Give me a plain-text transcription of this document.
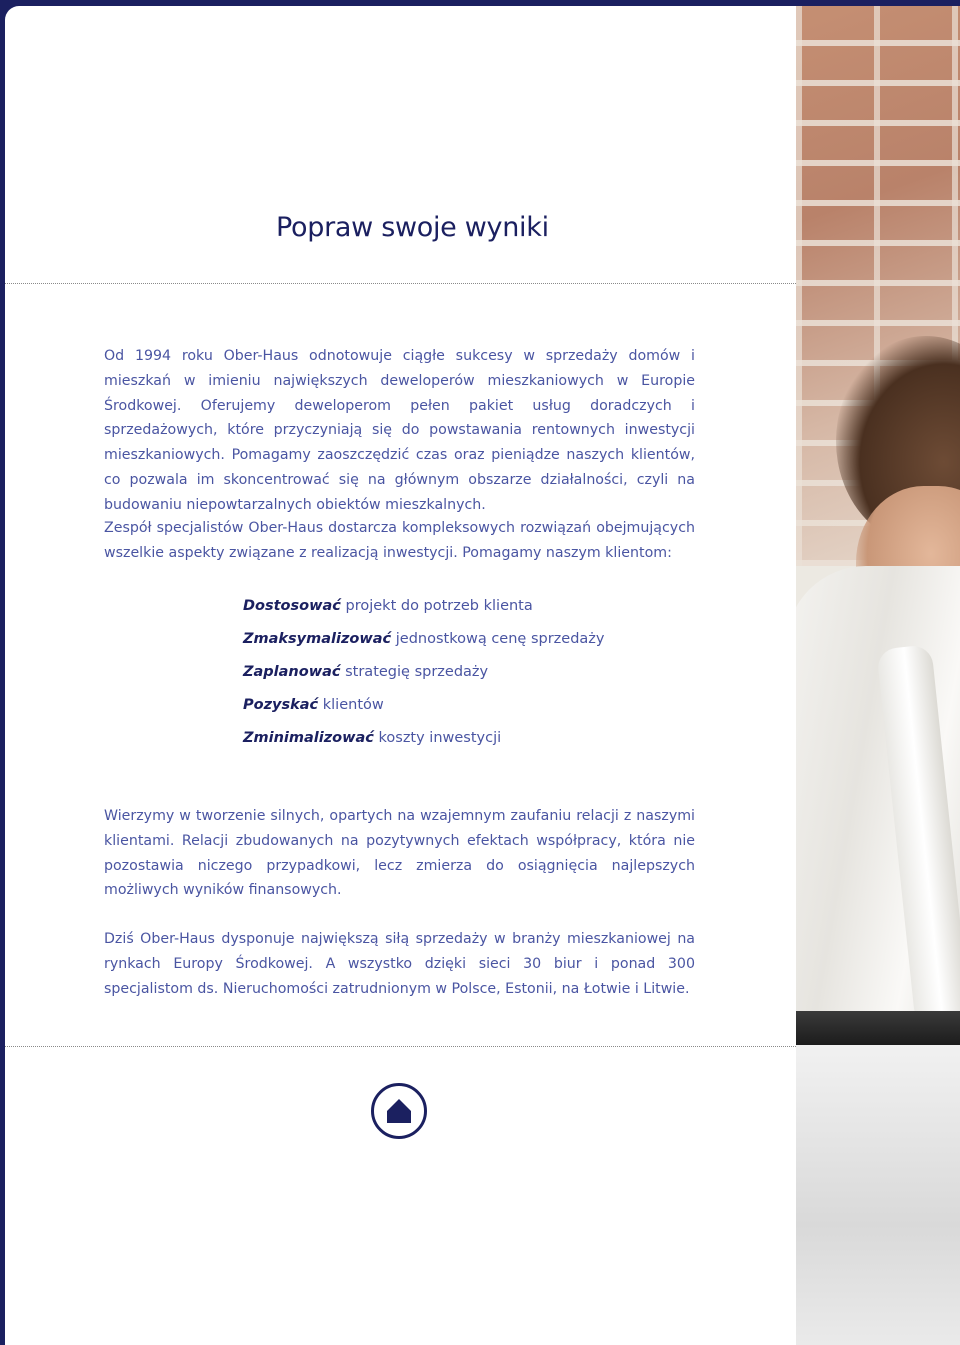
Popraw swoje wyniki

Od 1994 roku Ober-Haus odnotowuje ciągłe sukcesy w sprzedaży domów i mieszkań w imieniu największych deweloperów mieszkaniowych w Europie Środkowej. Oferujemy deweloperom pełen pakiet usług doradczych i sprzedażowych, które przyczyniają się do powstawania rentownych inwestycji mieszkaniowych. Pomagamy zaoszczędzić czas oraz pieniądze naszych klientów, co pozwala im skoncentrować się na głównym obszarze działalności, czyli na budowaniu niepowtarzalnych obiektów mieszkalnych.

Zespół specjalistów Ober-Haus dostarcza kompleksowych rozwiązań obejmujących wszelkie aspekty związane z realizacją inwestycji. Pomagamy naszym klientom:

Dostosować projekt do potrzeb klienta
Zmaksymalizować jednostkową cenę sprzedaży
Zaplanować strategię sprzedaży
Pozyskać klientów
Zminimalizować koszty inwestycji

Wierzymy w tworzenie silnych, opartych na wzajemnym zaufaniu relacji z naszymi klientami. Relacji zbudowanych na pozytywnych efektach współpracy, która nie pozostawia niczego przypadkowi, lecz zmierza do osiągnięcia najlepszych możliwych wyników finansowych.

Dziś Ober-Haus dysponuje największą siłą sprzedaży w branży mieszkaniowej na rynkach Europy Środkowej. A wszystko dzięki sieci 30 biur i ponad 300 specjalistom ds. Nieruchomości zatrudnionym w Polsce, Estonii, na Łotwie i Litwie.
